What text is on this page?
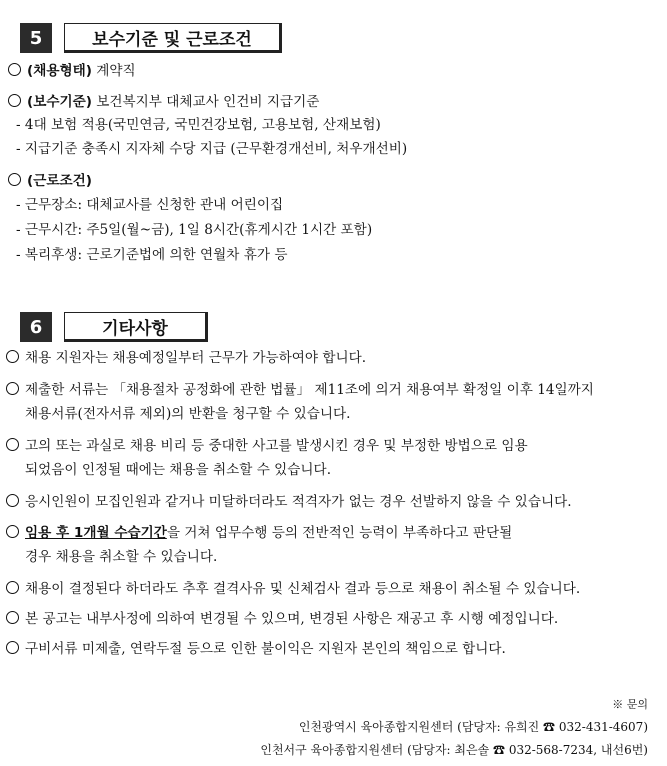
5	보수기준 및 근로조건
(채용형태) 계약직
(보수기준) 보건복지부 대체교사 인건비 지급기준
- 4대 보험 적용(국민연금, 국민건강보험, 고용보험, 산재보험)
- 지급기준 충족시 지자체 수당 지급 (근무환경개선비, 처우개선비)
(근로조건)
- 근무장소: 대체교사를 신청한 관내 어린이집
- 근무시간: 주5일(월~금), 1일 8시간(휴게시간 1시간 포함)
- 복리후생: 근로기준법에 의한 연월차 휴가 등
6	기타사항
채용 지원자는 채용예정일부터 근무가 가능하여야 합니다.
제출한 서류는 「채용절차 공정화에 관한 법률」 제11조에 의거 채용여부 확정일 이후 14일까지
채용서류(전자서류 제외)의 반환을 청구할 수 있습니다.
고의 또는 과실로 채용 비리 등 중대한 사고를 발생시킨 경우 및 부정한 방법으로 임용
되었음이 인정될 때에는 채용을 취소할 수 있습니다.
응시인원이 모집인원과 같거나 미달하더라도 적격자가 없는 경우 선발하지 않을 수 있습니다.
임용 후 1개월 수습기간을 거쳐 업무수행 등의 전반적인 능력이 부족하다고 판단될
경우 채용을 취소할 수 있습니다.
채용이 결정된다 하더라도 추후 결격사유 및 신체검사 결과 등으로 채용이 취소될 수 있습니다.
본 공고는 내부사정에 의하여 변경될 수 있으며, 변경된 사항은 재공고 후 시행 예정입니다.
구비서류 미제출, 연락두절 등으로 인한 불이익은 지원자 본인의 책임으로 합니다.
※ 문의
인천광역시 육아종합지원센터 (담당자: 유희진 ☎ 032-431-4607)
인천서구 육아종합지원센터 (담당자: 최은솔 ☎ 032-568-7234, 내선6번)
